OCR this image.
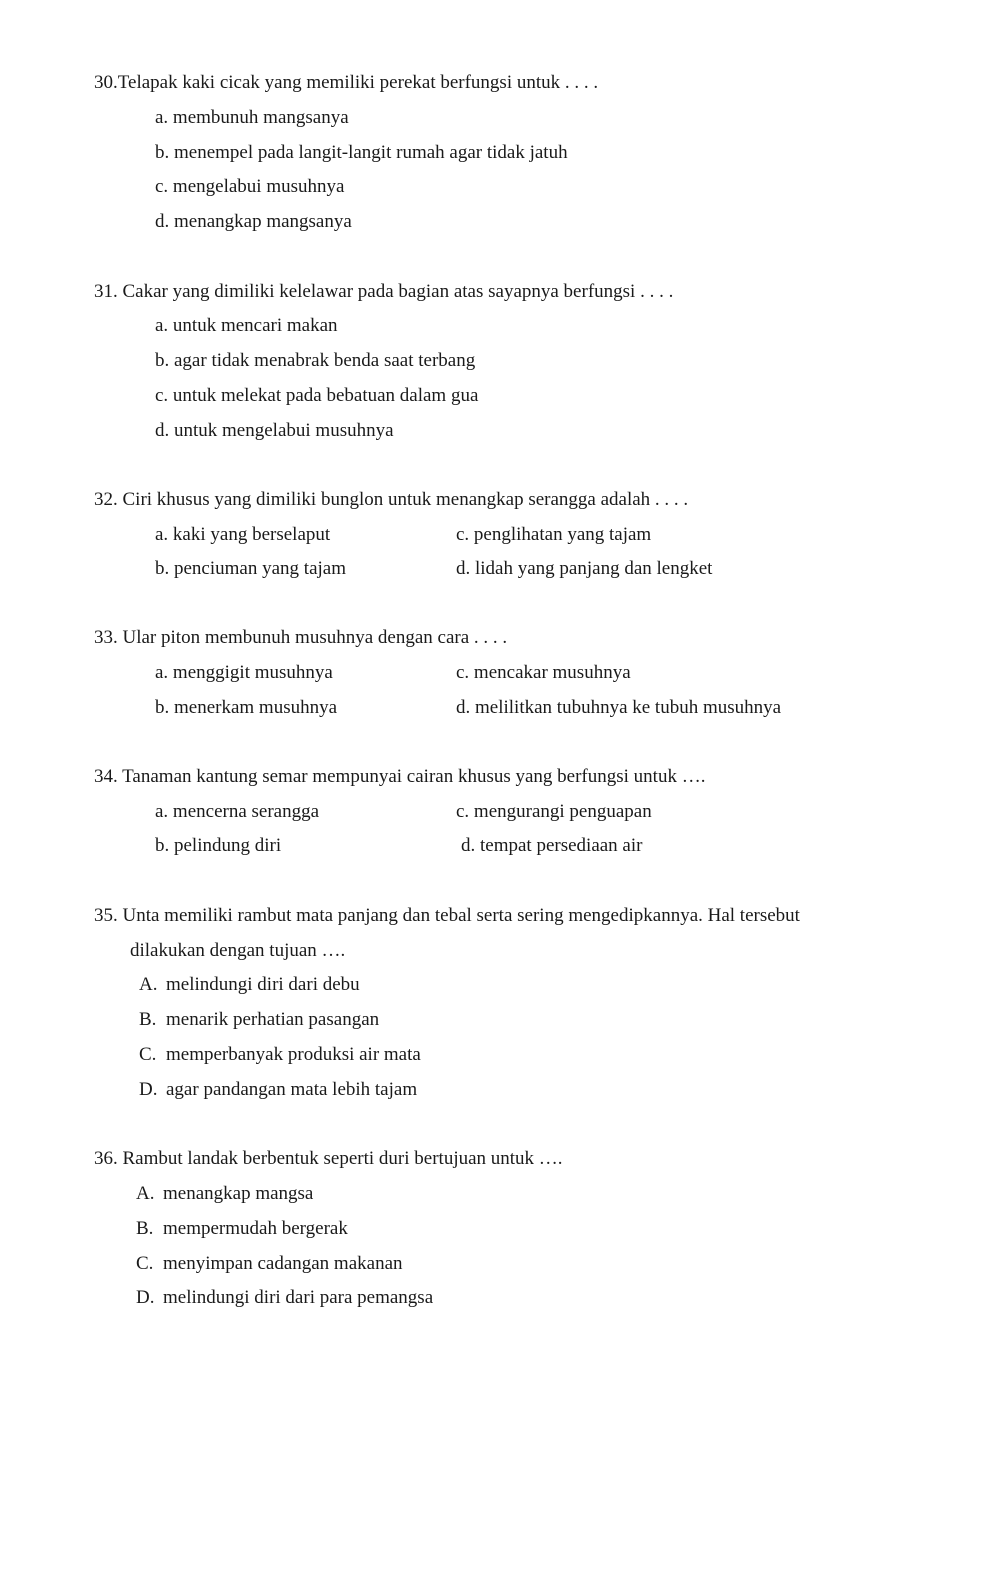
30.Telapak kaki cicak yang memiliki perekat berfungsi untuk . . . .
a. membunuh mangsanya
b. menempel pada langit-langit rumah agar tidak jatuh
c. mengelabui musuhnya
d. menangkap mangsanya
31. Cakar yang dimiliki kelelawar pada bagian atas sayapnya berfungsi . . . .
a. untuk mencari makan
b. agar tidak menabrak benda saat terbang
c. untuk melekat pada bebatuan dalam gua
d. untuk mengelabui musuhnya
32. Ciri khusus yang dimiliki bunglon untuk menangkap serangga adalah . . . .
a. kaki yang berselaput	c. penglihatan yang tajam
b. penciuman yang tajam	d. lidah yang panjang dan lengket
33. Ular piton membunuh musuhnya dengan cara . . . .
a. menggigit musuhnya	c. mencakar musuhnya
b. menerkam musuhnya	d. melilitkan tubuhnya ke tubuh musuhnya
34. Tanaman kantung semar mempunyai cairan khusus yang berfungsi untuk ….
a. mencerna serangga	c. mengurangi penguapan
b. pelindung diri	d. tempat persediaan air
35. Unta memiliki rambut mata panjang dan tebal serta sering mengedipkannya. Hal tersebut
dilakukan dengan tujuan ….
A. melindungi diri dari debu
B. menarik perhatian pasangan
C. memperbanyak produksi air mata
D. agar pandangan mata lebih tajam
36. Rambut landak berbentuk seperti duri bertujuan untuk ….
A. menangkap mangsa
B. mempermudah bergerak
C. menyimpan cadangan makanan
D. melindungi diri dari para pemangsa
